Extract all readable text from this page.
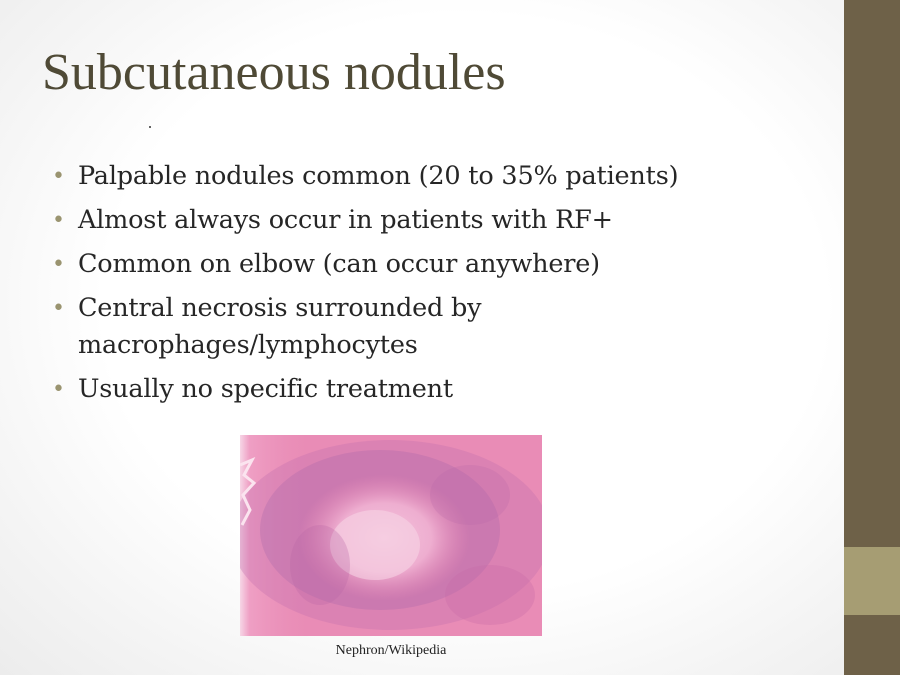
Subcutaneous nodules
• Palpable nodules common (20 to 35% patients)
• Almost always occur in patients with RF+
• Common on elbow (can occur anywhere)
• Central necrosis surrounded by macrophages/lymphocytes
• Usually no specific treatment
Nephron/Wikipedia
